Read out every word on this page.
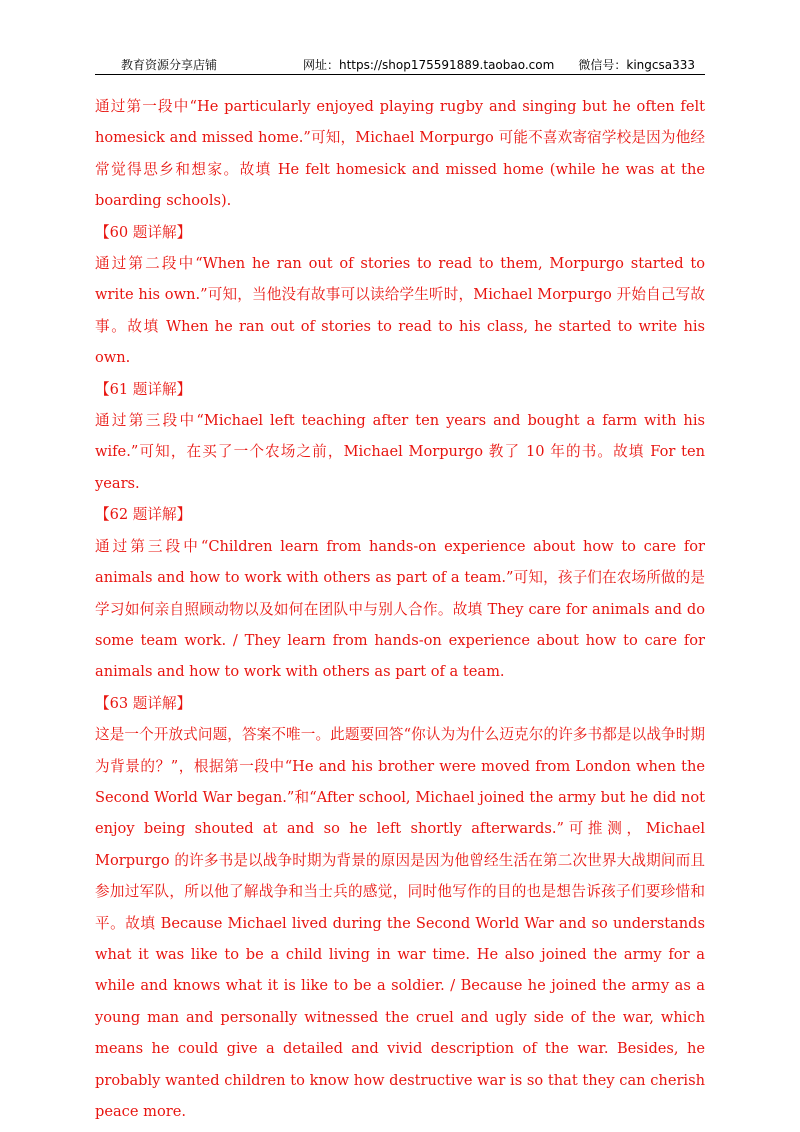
教育资源分享店铺	网址：https://shop175591889.taobao.com 微信号：kingcsa333

通过第一段中“He particularly enjoyed playing rugby and singing but he often felt homesick and missed home.”可知，Michael Morpurgo 可能不喜欢寄宿学校是因为他经常觉得思乡和想家。故填 He felt homesick and missed home (while he was at the boarding schools).

【60 题详解】

通过第二段中“When he ran out of stories to read to them, Morpurgo started to write his own.”可知，当他没有故事可以读给学生听时，Michael Morpurgo 开始自己写故事。故填 When he ran out of stories to read to his class, he started to write his own.

【61 题详解】

通过第三段中“Michael left teaching after ten years and bought a farm with his wife.”可知，在买了一个农场之前，Michael Morpurgo 教了 10 年的书。故填 For ten years.

【62 题详解】

通过第三段中“Children learn from hands-on experience about how to care for animals and how to work with others as part of a team.”可知，孩子们在农场所做的是学习如何亲自照顾动物以及如何在团队中与别人合作。故填 They care for animals and do some team work. / They learn from hands-on experience about how to care for animals and how to work with others as part of a team.

【63 题详解】

这是一个开放式问题，答案不唯一。此题要回答“你认为为什么迈克尔的许多书都是以战争时期为背景的？”，根据第一段中“He and his brother were moved from London when the Second World War began.”和“After school, Michael joined the army but he did not enjoy being shouted at and so he left shortly afterwards.”可推测，Michael Morpurgo 的许多书是以战争时期为背景的原因是因为他曾经生活在第二次世界大战期间而且参加过军队，所以他了解战争和当士兵的感觉，同时他写作的目的也是想告诉孩子们要珍惜和平。故填 Because Michael lived during the Second World War and so understands what it was like to be a child living in war time. He also joined the army for a while and knows what it is like to be a soldier. / Because he joined the army as a young man and personally witnessed the cruel and ugly side of the war, which means he could give a detailed and vivid description of the war. Besides, he probably wanted children to know how destructive war is so that they can cherish peace more.
